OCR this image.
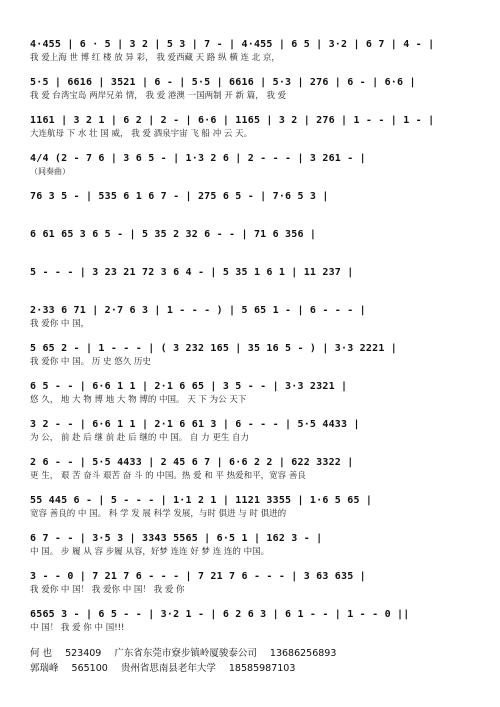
4·455 | 6 · 5 | 3 2 | 5 3 | 7 - | 4·455 | 6 5 | 3·2 | 6 7 | 4 - |
我 爱上海 世 博 红 楼 放 异 彩， 我 爱西藏 天 路 纵 横 连 北 京，
5·5 | 6616 | 3521 | 6 - | 5·5 | 6616 | 5·3 | 276 | 6 - | 6·6 |
我 爱 台湾宝岛 两岸兄弟 情， 我 爱 港澳 一国两制 开 新 篇， 我 爱
1161 | 3 2 1 | 6 2 | 2 - | 6·6 | 1165 | 3 2 | 276 | 1 - - | 1 - |
大连航母 下 水 壮 国 威， 我 爱 酒泉宇宙 飞 船 冲 云 天。
4/4 (2 - 7 6 | 3 6 5 - | 1·3 2 6 | 2 - - - | 3 261 - |
（间奏曲）
76 3 5 - | 535 6 1 6 7 - | 275 6 5 - | 7·6 5 3 |
6 61 65 3 6 5 - | 5 35 2 32 6 - - | 71 6 356 |
5 - - - | 3 23 21 72 3 6 4 - | 5 35 1 6 1 | 11 237 |
2·33 6 71 | 2·7 6 3 | 1 - - - ) | 5 65 1 - | 6 - - - |
我 爱你 中 国，
5 65 2 - | 1 - - - | ( 3 232 165 | 35 16 5 - ) | 3·3 2221 |
我 爱你 中 国。 历 史 悠久 历史
6 5 - - | 6·6 1 1 | 2·1 6 65 | 3 5 - - | 3·3 2321 |
悠 久， 地 大 物 博 地 大 物 博的 中国。 天 下 为公 天下
3 2 - - | 6·6 1 1 | 2·1 6 61 3 | 6 - - - | 5·5 4433 |
为 公， 前 赴 后 继 前 赴 后 继的 中 国。 自 力 更生 自力
2 6 - - | 5·5 4433 | 2 45 6 7 | 6·6 2 2 | 622 3322 |
更 生， 艰 苦 奋斗 艰苦 奋 斗 的 中国。热 爱 和 平 热爱和平，宽容 善良
55 445 6 - | 5 - - - | 1·1 2 1 | 1121 3355 | 1·6 5 65 |
宽容 善良的 中 国。 科 学 发 展 科学 发展，与时 俱进 与 时 俱进的
6 7 - - | 3·5 3 | 3343 5565 | 6·5 1 | 162 3 - |
中 国。 步 履 从 容 步履 从容，好梦 连连 好 梦 连 连的 中国。
3 - - 0 | 7 21 7 6 - - - | 7 21 7 6 - - - | 3 63 635 |
我 爱你 中 国！ 我 爱你 中 国！ 我 爱 你
6565 3 - | 6 5 - - | 3·2 1 - | 6 2 6 3 | 6 1 - - | 1 - - 0 ||
中 国！ 我 爱 你 中 国!!!
何 也 523409 广东省东莞市寮步镇岭厦骏泰公司 13686256893
郭瑞峰 565100 贵州省思南县老年大学 18585987103
